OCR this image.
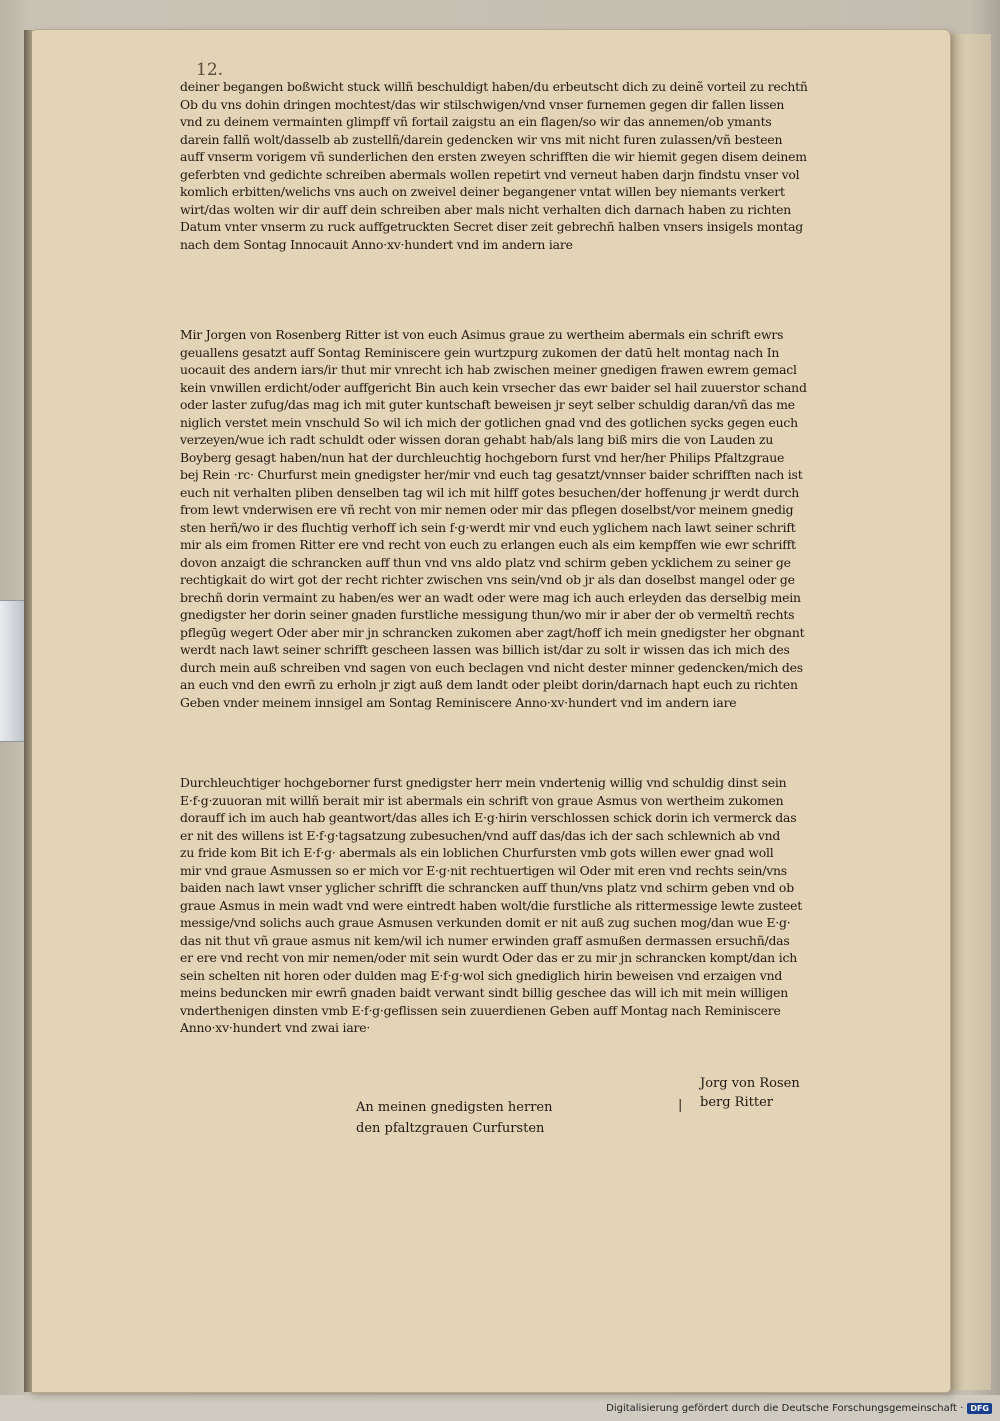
12.
deiner begangen boßwicht stuck willñ beschuldigt haben/du erbeutscht dich zu deinẽ vorteil zu rechtñ
Ob du vns dohin dringen mochtest/das wir stilschwigen/vnd vnser furnemen gegen dir fallen lissen
vnd zu deinem vermainten glimpff vñ fortail zaigstu an ein flagen/so wir das annemen/ob ymants
darein fallñ wolt/dasselb ab zustellñ/darein gedencken wir vns mit nicht furen zulassen/vñ besteen
auff vnserm vorigem vñ sunderlichen den ersten zweyen schrifften die wir hiemit gegen disem deinem
geferbten vnd gedichte schreiben abermals wollen repetirt vnd verneut haben darjn findstu vnser vol
komlich erbitten/welichs vns auch on zweivel deiner begangener vntat willen bey niemants verkert
wirt/das wolten wir dir auff dein schreiben aber mals nicht verhalten dich darnach haben zu richten
Datum vnter vnserm zu ruck auffgetruckten Secret diser zeit gebrechñ halben vnsers insigels montag
nach dem Sontag Innocauit Anno·xv·hundert vnd im andern iare
Mir Jorgen von Rosenberg Ritter ist von euch Asimus graue zu wertheim abermals ein schrift ewrs
geuallens gesatzt auff Sontag Reminiscere gein wurtzpurg zukomen der datū helt montag nach In
uocauit des andern iars/ir thut mir vnrecht ich hab zwischen meiner gnedigen frawen ewrem gemacl
kein vnwillen erdicht/oder auffgericht Bin auch kein vrsecher das ewr baider sel hail zuuerstor schand
oder laster zufug/das mag ich mit guter kuntschaft beweisen jr seyt selber schuldig daran/vñ das me
niglich verstet mein vnschuld So wil ich mich der gotlichen gnad vnd des gotlichen sycks gegen euch
verzeyen/wue ich radt schuldt oder wissen doran gehabt hab/als lang biß mirs die von Lauden zu
Boyberg gesagt haben/nun hat der durchleuchtig hochgeborn furst vnd her/her Philips Pfaltzgraue
bej Rein ·rc· Churfurst mein gnedigster her/mir vnd euch tag gesatzt/vnnser baider schrifften nach ist
euch nit verhalten pliben denselben tag wil ich mit hilff gotes besuchen/der hoffenung jr werdt durch
from lewt vnderwisen ere vñ recht von mir nemen oder mir das pflegen doselbst/vor meinem gnedig
sten herñ/wo ir des fluchtig verhoff ich sein f·g·werdt mir vnd euch yglichem nach lawt seiner schrift
mir als eim fromen Ritter ere vnd recht von euch zu erlangen euch als eim kempffen wie ewr schrifft
dovon anzaigt die schrancken auff thun vnd vns aldo platz vnd schirm geben ycklichem zu seiner ge
rechtigkait do wirt got der recht richter zwischen vns sein/vnd ob jr als dan doselbst mangel oder ge
brechñ dorin vermaint zu haben/es wer an wadt oder were mag ich auch erleyden das derselbig mein
gnedigster her dorin seiner gnaden furstliche messigung thun/wo mir ir aber der ob vermeltñ rechts
pflegūg wegert Oder aber mir jn schrancken zukomen aber zagt/hoff ich mein gnedigster her obgnant
werdt nach lawt seiner schrifft gescheen lassen was billich ist/dar zu solt ir wissen das ich mich des
durch mein auß schreiben vnd sagen von euch beclagen vnd nicht dester minner gedencken/mich des
an euch vnd den ewrñ zu erholn jr zigt auß dem landt oder pleibt dorin/darnach hapt euch zu richten
Geben vnder meinem innsigel am Sontag Reminiscere Anno·xv·hundert vnd im andern iare
Durchleuchtiger hochgeborner furst gnedigster herr mein vndertenig willig vnd schuldig dinst sein
E·f·g·zuuoran mit willñ berait mir ist abermals ein schrift von graue Asmus von wertheim zukomen
dorauff ich im auch hab geantwort/das alles ich E·g·hirin verschlossen schick dorin ich vermerck das
er nit des willens ist E·f·g·tagsatzung zubesuchen/vnd auff das/das ich der sach schlewnich ab vnd
zu fride kom Bit ich E·f·g· abermals als ein loblichen Churfursten vmb gots willen ewer gnad woll
mir vnd graue Asmussen so er mich vor E·g·nit rechtuertigen wil Oder mit eren vnd rechts sein/vns
baiden nach lawt vnser yglicher schrifft die schrancken auff thun/vns platz vnd schirm geben vnd ob
graue Asmus in mein wadt vnd were eintredt haben wolt/die furstliche als rittermessige lewte zusteet
messige/vnd solichs auch graue Asmusen verkunden domit er nit auß zug suchen mog/dan wue E·g·
das nit thut vñ graue asmus nit kem/wil ich numer erwinden graff asmußen dermassen ersuchñ/das
er ere vnd recht von mir nemen/oder mit sein wurdt Oder das er zu mir jn schrancken kompt/dan ich
sein schelten nit horen oder dulden mag E·f·g·wol sich gnediglich hirin beweisen vnd erzaigen vnd
meins beduncken mir ewrñ gnaden baidt verwant sindt billig geschee das will ich mit mein willigen
vnderthenigen dinsten vmb E·f·g·geflissen sein zuuerdienen Geben auff Montag nach Reminiscere
Anno·xv·hundert vnd zwai iare·
|
Jorg von Rosen
berg Ritter
An meinen gnedigsten herren
den pfaltzgrauen Curfursten
Digitalisierung gefördert durch die Deutsche Forschungsgemeinschaft · DFG
